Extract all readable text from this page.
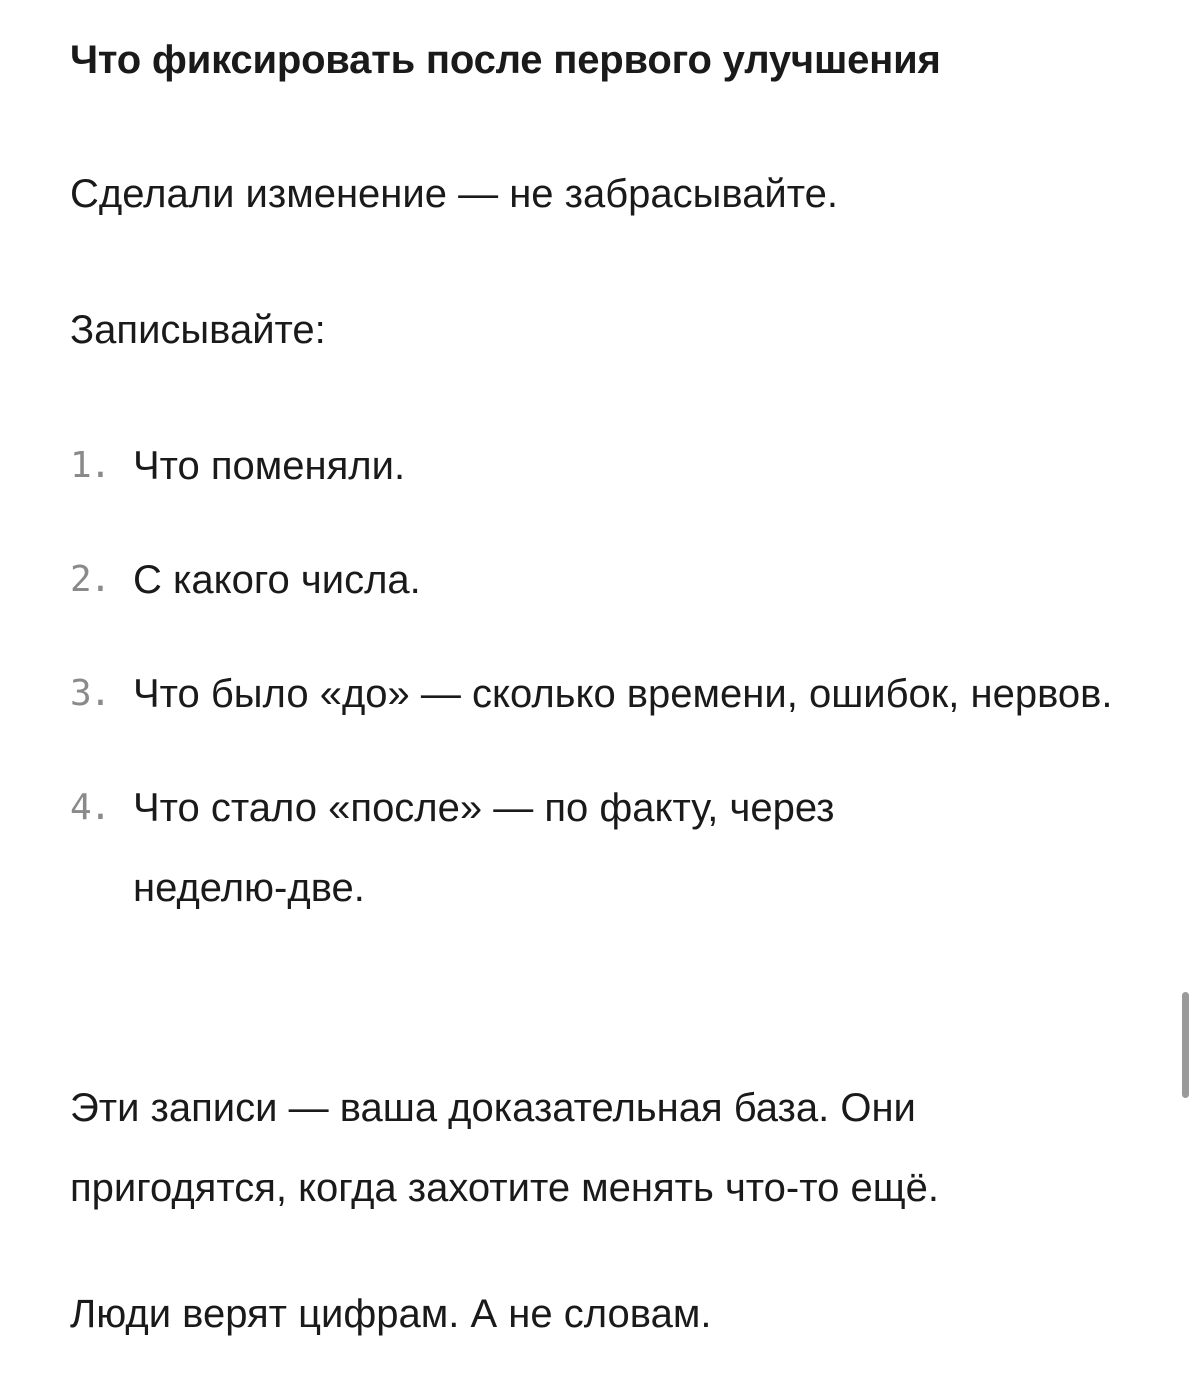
Что фиксировать после первого улучшения

Сделали изменение — не забрасывайте.

Записывайте:

1. Что поменяли.
2. С какого числа.
3. Что было «до» — сколько времени, ошибок, нервов.
4. Что стало «после» — по факту, через неделю-две.

Эти записи — ваша доказательная база. Они
пригодятся, когда захотите менять что-то ещё.

Люди верят цифрам. А не словам.
